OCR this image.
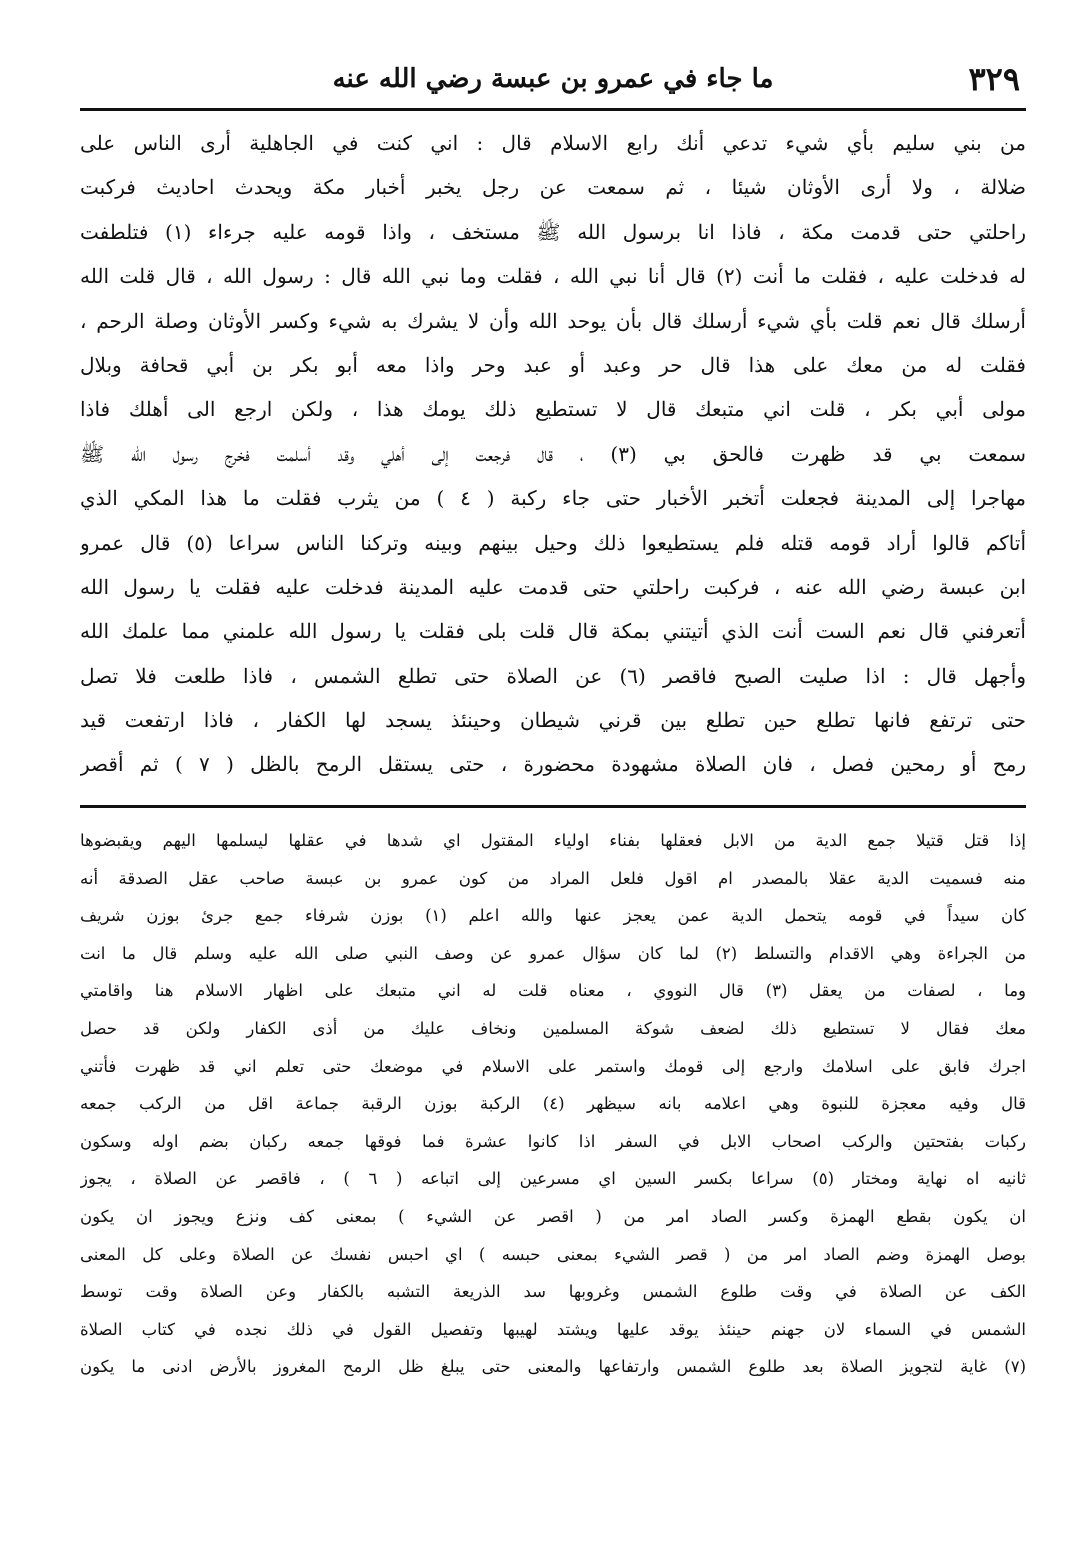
٣٢٩
ما جاء في عمرو بن عبسة رضي الله عنه
من بني سليم بأي شيء تدعي أنك رابع الاسلام قال : اني كنت في الجاهلية أرى الناس على
ضلالة ، ولا أرى الأوثان شيئا ، ثم سمعت عن رجل يخبر أخبار مكة ويحدث احاديث فركبت
راحلتي حتى قدمت مكة ، فاذا انا برسول الله ﷺ مستخف ، واذا قومه عليه جرءاء (١) فتلطفت
له فدخلت عليه ، فقلت ما أنت (٢) قال أنا نبي الله ، فقلت وما نبي الله قال : رسول الله ، قال قلت الله
أرسلك قال نعم قلت بأي شيء أرسلك قال بأن يوحد الله وأن لا يشرك به شيء وكسر الأوثان وصلة الرحم ،
فقلت له من معك على هذا قال حر وعبد أو عبد وحر واذا معه أبو بكر بن أبي قحافة وبلال
مولى أبي بكر ، قلت اني متبعك قال لا تستطيع ذلك يومك هذا ، ولكن ارجع الى أهلك فاذا
سمعت بي قد ظهرت فالحق بي (٣) ، قال فرجعت إلى أهلي وقد أسلمت فخرج رسول الله ﷺ
مهاجرا إلى المدينة فجعلت أتخبر الأخبار حتى جاء ركبة ( ٤ ) من يثرب فقلت ما هذا المكي الذي
أتاكم قالوا أراد قومه قتله فلم يستطيعوا ذلك وحيل بينهم وبينه وتركنا الناس سراعا (٥) قال عمرو
ابن عبسة رضي الله عنه ، فركبت راحلتي حتى قدمت عليه المدينة فدخلت عليه فقلت يا رسول الله
أتعرفني قال نعم الست أنت الذي أتيتني بمكة قال قلت بلى فقلت يا رسول الله علمني مما علمك الله
وأجهل قال : اذا صليت الصبح فاقصر (٦) عن الصلاة حتى تطلع الشمس ، فاذا طلعت فلا تصل
حتى ترتفع فانها تطلع حين تطلع بين قرني شيطان وحينئذ يسجد لها الكفار ، فاذا ارتفعت قيد
رمح أو رمحين فصل ، فان الصلاة مشهودة محضورة ، حتى يستقل الرمح بالظل ( ٧ ) ثم أقصر
إذا قتل قتيلا جمع الدية من الابل فعقلها بفناء اولياء المقتول اي شدها في عقلها ليسلمها اليهم ويقبضوها
منه فسميت الدية عقلا بالمصدر ام اقول فلعل المراد من كون عمرو بن عبسة صاحب عقل الصدقة أنه
كان سيداً في قومه يتحمل الدية عمن يعجز عنها والله اعلم (١) بوزن شرفاء جمع جرئ بوزن شريف
من الجراءة وهي الاقدام والتسلط (٢) لما كان سؤال عمرو عن وصف النبي صلى الله عليه وسلم قال ما انت
وما ، لصفات من يعقل (٣) قال النووي ، معناه قلت له اني متبعك على اظهار الاسلام هنا واقامتي
معك فقال لا تستطيع ذلك لضعف شوكة المسلمين ونخاف عليك من أذى الكفار ولكن قد حصل
اجرك فابق على اسلامك وارجع إلى قومك واستمر على الاسلام في موضعك حتى تعلم اني قد ظهرت فأتني
قال وفيه معجزة للنبوة وهي اعلامه بانه سيظهر (٤) الركبة بوزن الرقبة جماعة اقل من الركب جمعه
ركبات بفتحتين والركب اصحاب الابل في السفر اذا كانوا عشرة فما فوقها جمعه ركبان بضم اوله وسكون
ثانيه اه نهاية ومختار (٥) سراعا بكسر السين اي مسرعين إلى اتباعه ( ٦ ) ، فاقصر عن الصلاة ، يجوز
ان يكون بقطع الهمزة وكسر الصاد امر من ( اقصر عن الشيء ) بمعنى كف ونزع ويجوز ان يكون
بوصل الهمزة وضم الصاد امر من ( قصر الشيء بمعنى حبسه ) اي احبس نفسك عن الصلاة وعلى كل المعنى
الكف عن الصلاة في وقت طلوع الشمس وغروبها سد الذريعة التشبه بالكفار وعن الصلاة وقت توسط
الشمس في السماء لان جهنم حينئذ يوقد عليها ويشتد لهيبها وتفصيل القول في ذلك نجده في كتاب الصلاة
(٧) غاية لتجويز الصلاة بعد طلوع الشمس وارتفاعها والمعنى حتى يبلغ ظل الرمح المغروز بالأرض ادنى ما يكون
